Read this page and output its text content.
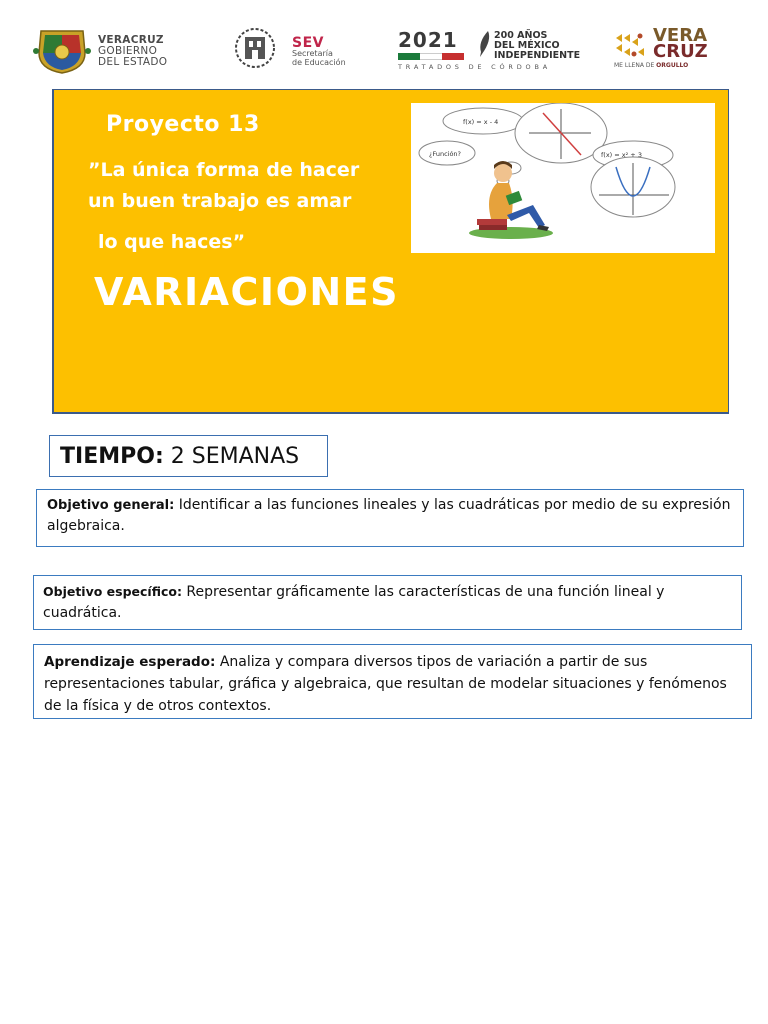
VERACRUZ
GOBIERNO
DEL ESTADO
SEV
Secretaría
de Educación
2021
TRATADOS DE CÓRDOBA
200 AÑOS
DEL MÉXICO
INDEPENDIENTE
VERA
CRUZ
ME LLENA DE ORGULLO
Proyecto 13
”La única forma de hacer
un buen trabajo es amar
lo que haces”
VARIACIONES
f(x) = x - 4
¿Función?	f(x) = x² + 3
TIEMPO: 2 SEMANAS
Objetivo general: Identificar a las funciones lineales y las cuadráticas por medio de su expresión algebraica.
Objetivo específico: Representar gráficamente las características de una función lineal y cuadrática.
Aprendizaje esperado: Analiza y compara diversos tipos de variación a partir de sus representaciones tabular, gráfica y algebraica, que resultan de modelar situaciones y fenómenos de la física y de otros contextos.
